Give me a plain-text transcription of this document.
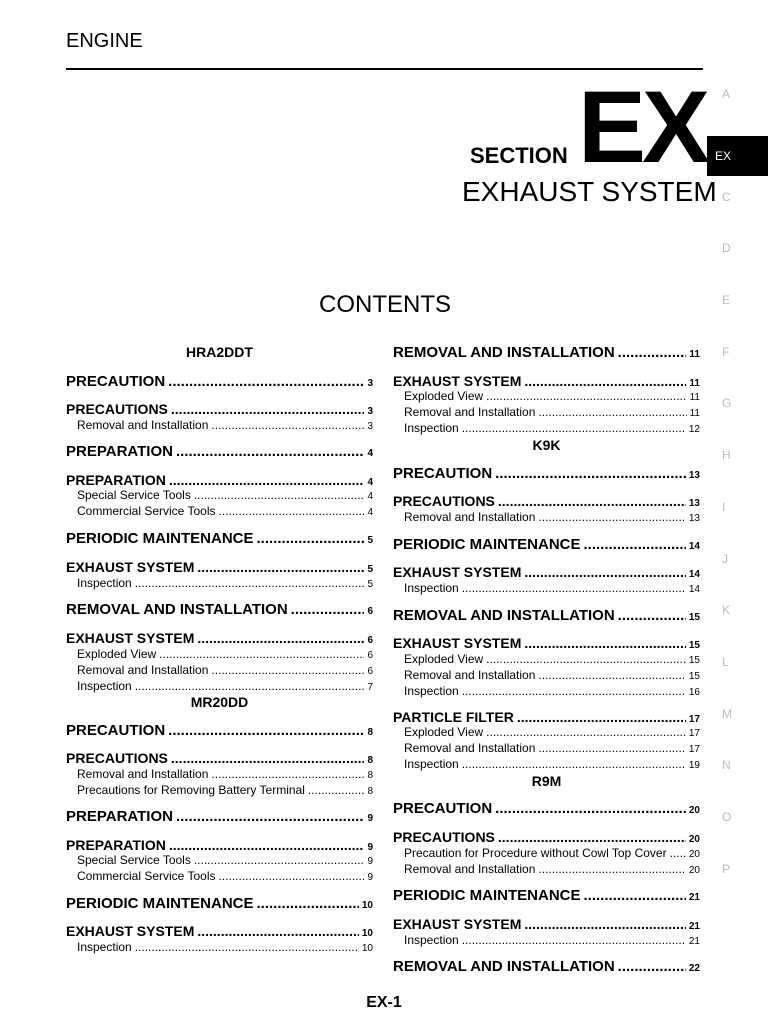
ENGINE
SECTION EX
EXHAUST SYSTEM
A
EX
C
D
E
F
G
H
I
J
K
L
M
N
O
P
CONTENTS
HRA2DDT
PRECAUTION .....	3
PRECAUTIONS .....	3
Removal and Installation .....	3
PREPARATION .....	4
PREPARATION .....	4
Special Service Tools .....	4
Commercial Service Tools .....	4
PERIODIC MAINTENANCE .....	5
EXHAUST SYSTEM .....	5
Inspection .....	5
REMOVAL AND INSTALLATION .....	6
EXHAUST SYSTEM .....	6
Exploded View .....	6
Removal and Installation .....	6
Inspection .....	7
MR20DD
PRECAUTION .....	8
PRECAUTIONS .....	8
Removal and Installation .....	8
Precautions for Removing Battery Terminal .....	8
PREPARATION .....	9
PREPARATION .....	9
Special Service Tools .....	9
Commercial Service Tools .....	9
PERIODIC MAINTENANCE .....	10
EXHAUST SYSTEM .....	10
Inspection .....	10
REMOVAL AND INSTALLATION .....	11
EXHAUST SYSTEM .....	11
Exploded View .....	11
Removal and Installation .....	11
Inspection .....	12
K9K
PRECAUTION .....	13
PRECAUTIONS .....	13
Removal and Installation .....	13
PERIODIC MAINTENANCE .....	14
EXHAUST SYSTEM .....	14
Inspection .....	14
REMOVAL AND INSTALLATION .....	15
EXHAUST SYSTEM .....	15
Exploded View .....	15
Removal and Installation .....	15
Inspection .....	16
PARTICLE FILTER .....	17
Exploded View .....	17
Removal and Installation .....	17
Inspection .....	19
R9M
PRECAUTION .....	20
PRECAUTIONS .....	20
Precaution for Procedure without Cowl Top Cover ..... 20
Removal and Installation .....	20
PERIODIC MAINTENANCE .....	21
EXHAUST SYSTEM .....	21
Inspection .....	21
REMOVAL AND INSTALLATION .....	22
EX-1
